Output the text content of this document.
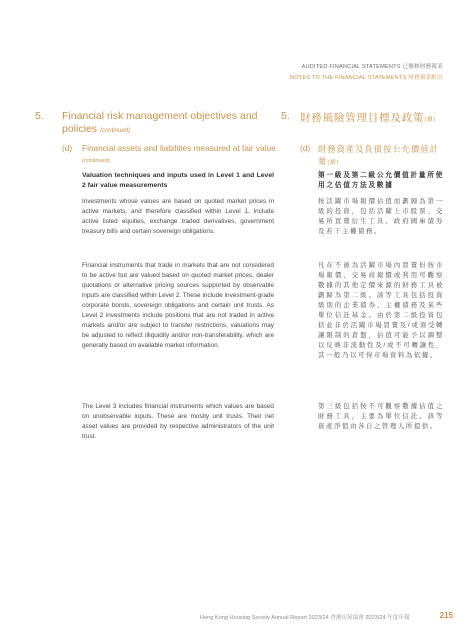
AUDITED FINANCIAL STATEMENTS 已審核財務報表
NOTES TO THE FINANCIAL STATEMENTS 財務報表附註
5. Financial risk management objectives and policies (continued)
(d) Financial assets and liabilities measured at fair value (continued)
5. 財務風險管理目標及政策(續)
(d) 財務資產及負債按公允價值計量(續)

Valuation techniques and inputs used in Level 1 and Level 2 fair value measurements

Investments whose values are based on quoted market prices in active markets, and therefore classified within Level 1, include active listed equities, exchange traded derivatives, government treasury bills and certain sovereign obligations.

Financial instruments that trade in markets that are not considered to be active but are valued based on quoted market prices, dealer quotations or alternative pricing sources supported by observable inputs are classified within Level 2. These include investment-grade corporate bonds, sovereign obligations and certain unit trusts. As Level 2 investments include positions that are not traded in active markets and/or are subject to transfer restrictions, valuations may be adjusted to reflect illiquidity and/or non-transferability, which are generally based on available market information.

The Level 3 includes financial instruments which values are based on unobservable inputs. These are mostly unit trusts. Their net asset values are provided by respective administrators of the unit trust.

第一級及第二級公允價值計量所使用之估值方法及數據

按活躍市場報價估值而劃歸為第一級的投資，包括活躍上市股票、交易所買賣衍生工具、政府國庫債券及若干主權債務。

凡在不被為活躍市場內買賣但按市場報價、交易商報價或利用可觀察數據的其他定價來源的財務工具被劃歸為第二級。該等工具包括投資級別的企業債券、主權債務及某些單位信託基金。由於第二級投資包括並非於活躍市場買賣及/或須受轉讓限制的倉盤，估值可能予以調整以反映非流動性及/或不可轉讓性，其一般乃以可得市場資料為依據。

第三級包括按不可觀察數據估值之財務工具，主要為單位信託。該等資產淨值由各自之管理人所提供。

Hong Kong Housing Society Annual Report 2023/24 香港房屋協會 2023/24 年度年報	215
